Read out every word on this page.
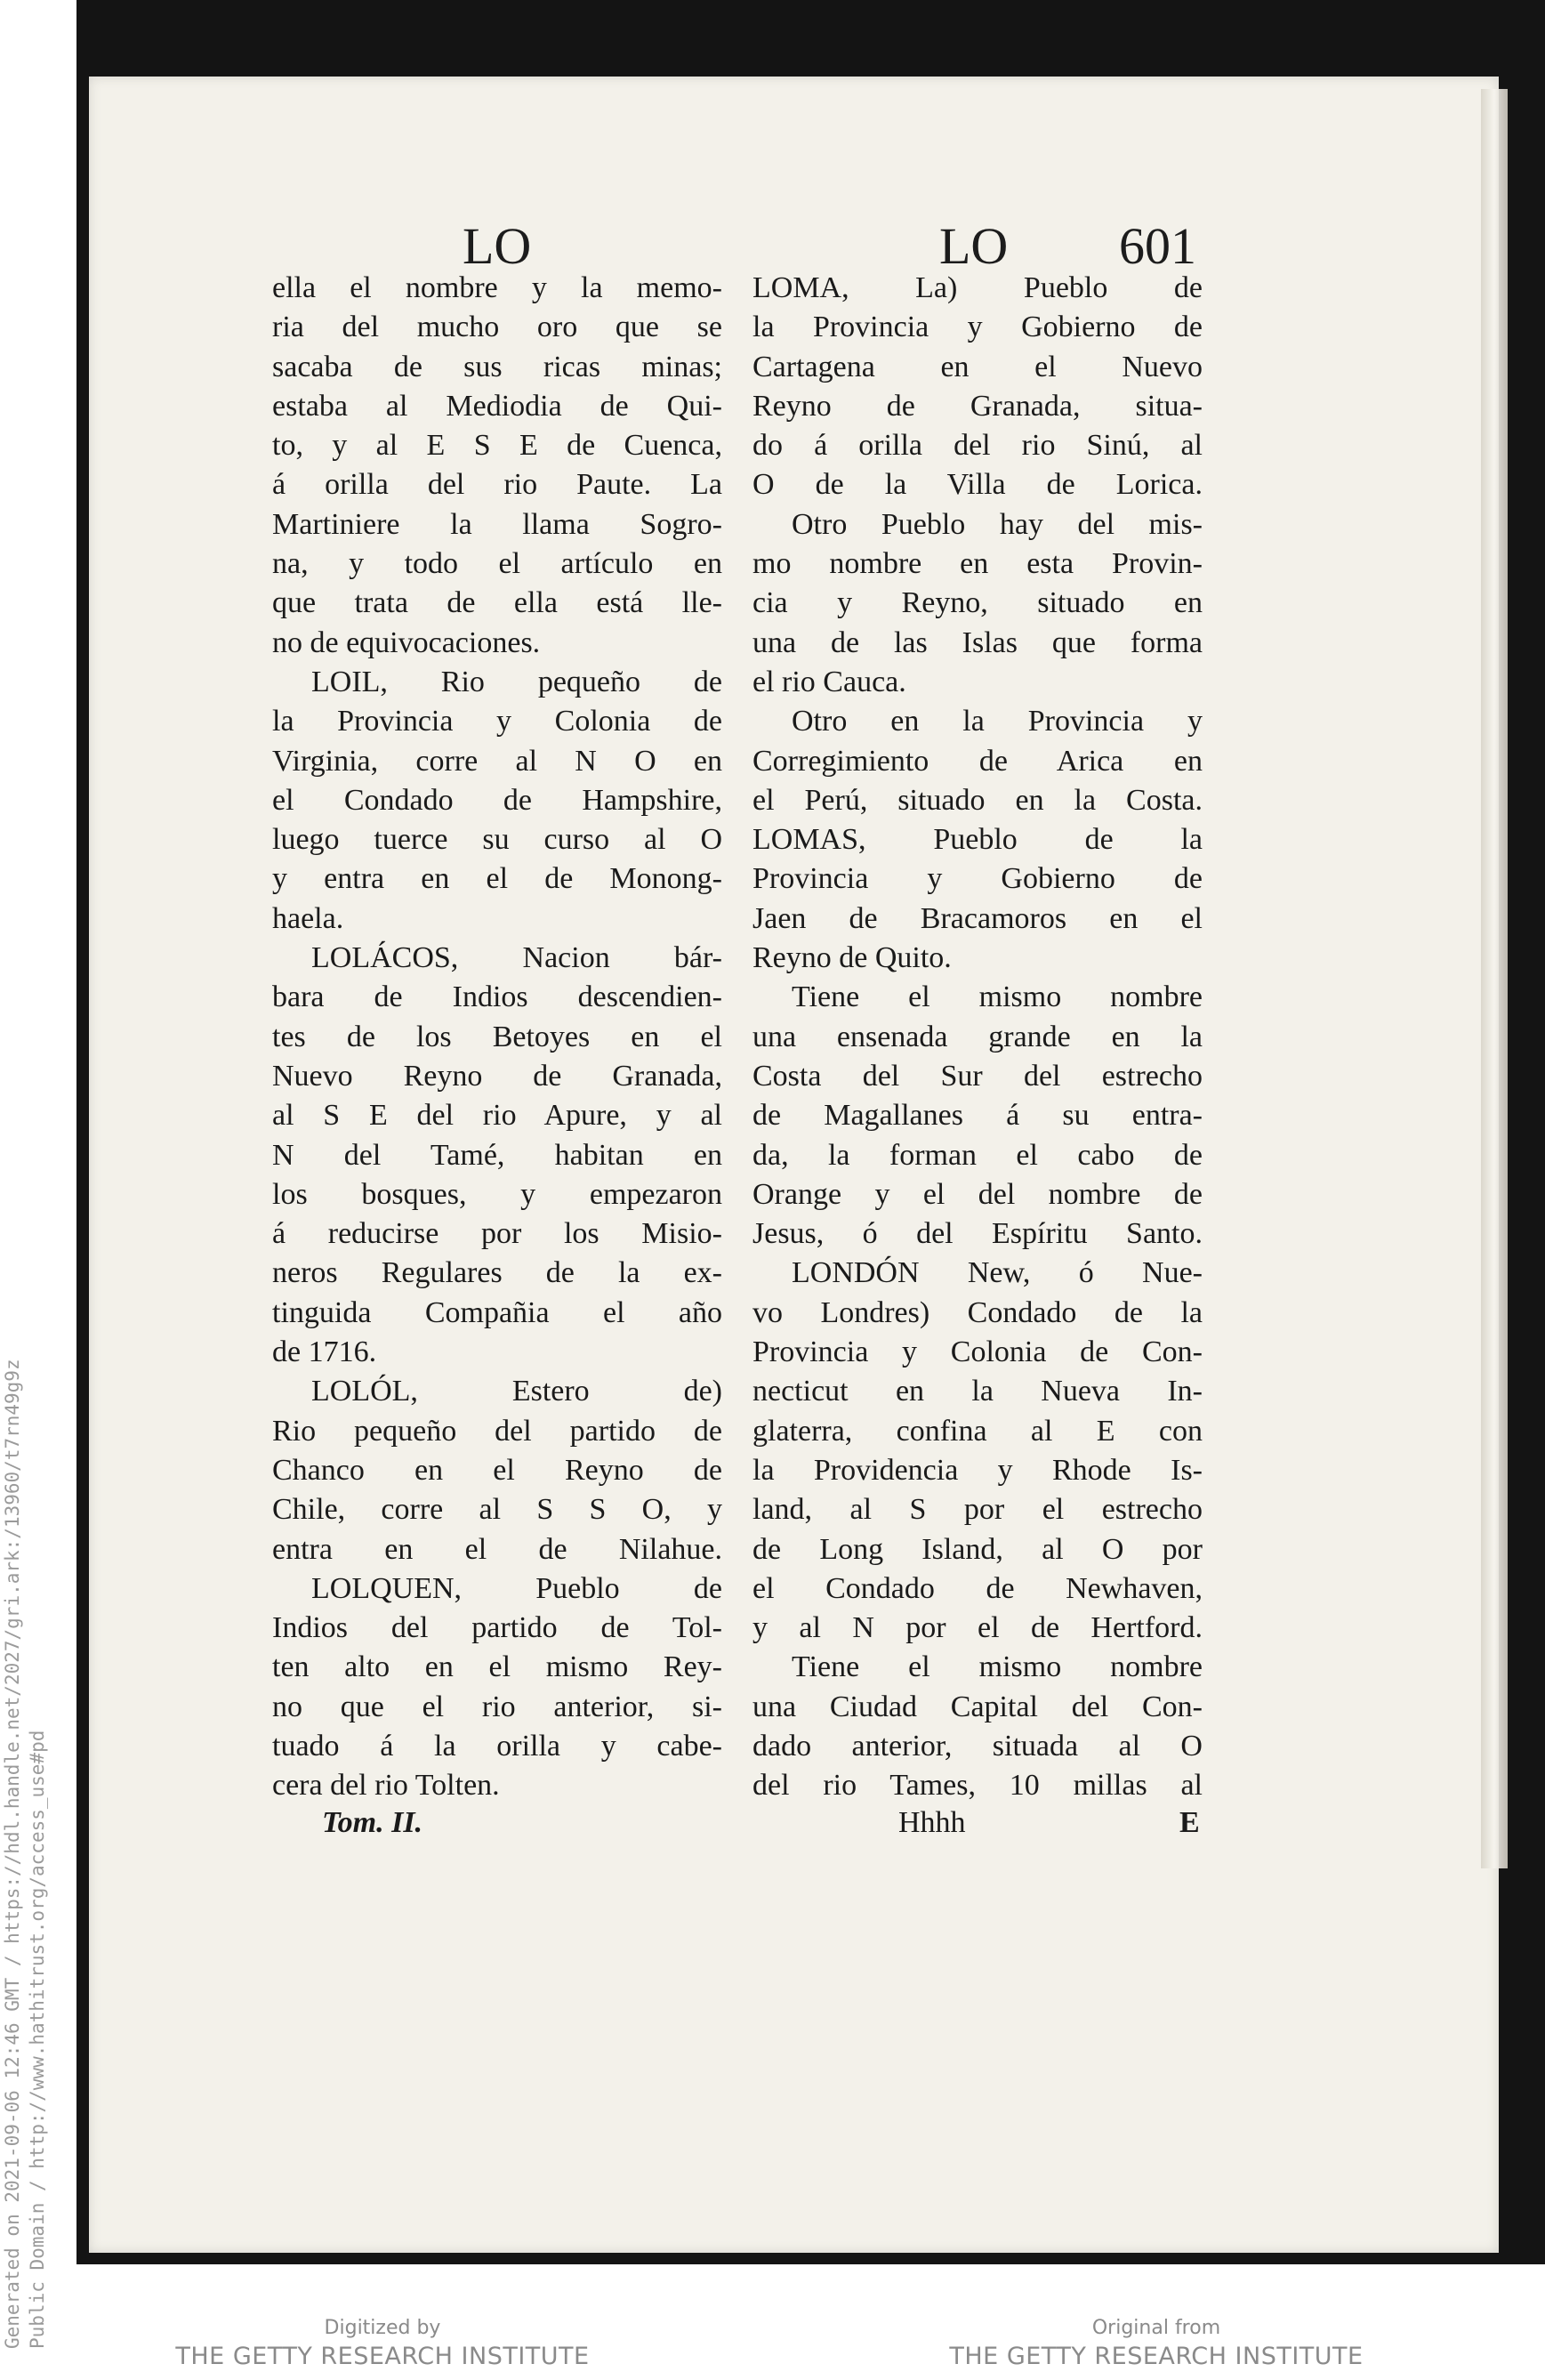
LO	LO 601
ella el nombre y la memo-
ria del mucho oro que se
sacaba de sus ricas minas;
estaba al Mediodia de Qui-
to, y al E S E de Cuenca,
á orilla del rio Paute. La
Martiniere la llama Sogro-
na, y todo el artículo en
que trata de ella está lle-
no de equivocaciones.
LOIL, Rio pequeño de
la Provincia y Colonia de
Virginia, corre al N O en
el Condado de Hampshire,
luego tuerce su curso al O
y entra en el de Monong-
haela.
LOLÁCOS, Nacion bár-
bara de Indios descendien-
tes de los Betoyes en el
Nuevo Reyno de Granada,
al S E del rio Apure, y al
N del Tamé, habitan en
los bosques, y empezaron
á reducirse por los Misio-
neros Regulares de la ex-
tinguida Compañia el año
de 1716.
LOLÓL, Estero de)
Rio pequeño del partido de
Chanco en el Reyno de
Chile, corre al S S O, y
entra en el de Nilahue.
LOLQUEN, Pueblo de
Indios del partido de Tol-
ten alto en el mismo Rey-
no que el rio anterior, si-
tuado á la orilla y cabe-
cera del rio Tolten.
LOMA, La) Pueblo de
la Provincia y Gobierno de
Cartagena en el Nuevo
Reyno de Granada, situa-
do á orilla del rio Sinú, al
O de la Villa de Lorica.
Otro Pueblo hay del mis-
mo nombre en esta Provin-
cia y Reyno, situado en
una de las Islas que forma
el rio Cauca.
Otro en la Provincia y
Corregimiento de Arica en
el Perú, situado en la Costa.
LOMAS, Pueblo de la
Provincia y Gobierno de
Jaen de Bracamoros en el
Reyno de Quito.
Tiene el mismo nombre
una ensenada grande en la
Costa del Sur del estrecho
de Magallanes á su entra-
da, la forman el cabo de
Orange y el del nombre de
Jesus, ó del Espíritu Santo.
LONDÓN New, ó Nue-
vo Londres) Condado de la
Provincia y Colonia de Con-
necticut en la Nueva In-
glaterra, confina al E con
la Providencia y Rhode Is-
land, al S por el estrecho
de Long Island, al O por
el Condado de Newhaven,
y al N por el de Hertford.
Tiene el mismo nombre
una Ciudad Capital del Con-
dado anterior, situada al O
del rio Tames, 10 millas al
Tom. II.	Hhhh	E
Generated on 2021-09-06 12:46 GMT / https://hdl.handle.net/2027/gri.ark:/13960/t7rn49g9z Public Domain / http://www.hathitrust.org/access_use#pd	Digitized by
THE GETTY RESEARCH INSTITUTE
Original from
THE GETTY RESEARCH INSTITUTE
